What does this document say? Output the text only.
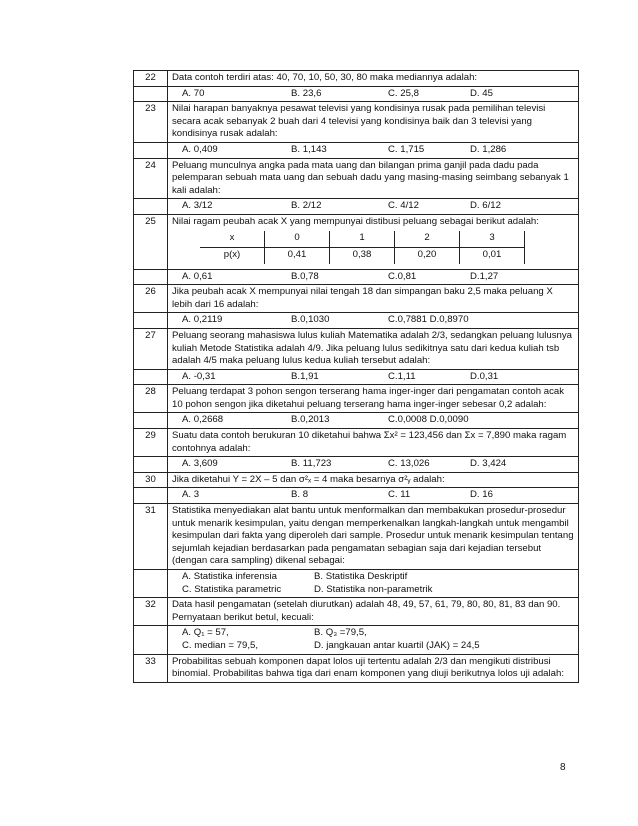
22	Data contoh terdiri atas: 40, 70, 10, 50, 30, 80 maka mediannya adalah:

A. 70	B. 23,6	C. 25,8	D. 45

23	Nilai harapan banyaknya pesawat televisi yang kondisinya rusak pada pemilihan televisi secara acak sebanyak 2 buah dari 4 televisi yang kondisinya baik dan 3 televisi yang kondisinya rusak adalah:

A. 0,409	B. 1,143	C. 1,715	D. 1,286

24	Peluang munculnya angka pada mata uang dan bilangan prima ganjil pada dadu pada pelemparan sebuah mata uang dan sebuah dadu yang masing-masing seimbang sebanyak 1 kali adalah:

A. 3/12	B. 2/12	C. 4/12	D. 6/12

25	Nilai ragam peubah acak X yang mempunyai distibusi peluang sebagai berikut adalah:
x	0	1	2	3
p(x)	0,41	0,38	0,20	0,01

A. 0,61	B.0,78	C.0,81	D.1,27

26	Jika peubah acak X mempunyai nilai tengah 18 dan simpangan baku 2,5 maka peluang X lebih dari 16 adalah:

A. 0,2119	B.0,1030	C.0,7881 D.0,8970

27	Peluang seorang mahasiswa lulus kuliah Matematika adalah 2/3, sedangkan peluang lulusnya kuliah Metode Statistika adalah 4/9. Jika peluang lulus sedikitnya satu dari kedua kuliah tsb adalah 4/5 maka peluang lulus kedua kuliah tersebut adalah:

A. -0,31	B.1,91	C.1,11	D.0,31

28	Peluang terdapat 3 pohon sengon terserang hama inger-inger dari pengamatan contoh acak 10 pohon sengon jika diketahui peluang terserang hama inger-inger sebesar 0,2 adalah:

A. 0,2668	B.0,2013	C.0,0008 D.0,0090

29	Suatu data contoh berukuran 10 diketahui bahwa Σx² = 123,456 dan Σx = 7,890 maka ragam contohnya adalah:

A. 3,609	B. 11,723	C. 13,026	D. 3,424

30	Jika diketahui Y = 2X – 5 dan σ²ₓ = 4 maka besarnya σ²ᵧ adalah:

A. 3	B. 8	C. 11	D. 16

31	Statistika menyediakan alat bantu untuk menformalkan dan membakukan prosedur-prosedur untuk menarik kesimpulan, yaitu dengan memperkenalkan langkah-langkah untuk mengambil kesimpulan dari fakta yang diperoleh dari sample. Prosedur untuk menarik kesimpulan tentang sejumlah kejadian berdasarkan pada pengamatan sebagian saja dari kejadian tersebut (dengan cara sampling) dikenal sebagai:

A. Statistika inferensia	B. Statistika Deskriptif
C. Statistika parametric	D. Statistika non-parametrik

32	Data hasil pengamatan (setelah diurutkan) adalah 48, 49, 57, 61, 79, 80, 80, 81, 83 dan 90. Pernyataan berikut betul, kecuali:

A. Q₁ = 57,	B. Q₃ =79,5,
C. median = 79,5,	D. jangkauan antar kuartil (JAK) = 24,5

33	Probabilitas sebuah komponen dapat lolos uji tertentu adalah 2/3 dan mengikuti distribusi binomial. Probabilitas bahwa tiga dari enam komponen yang diuji berikutnya lolos uji adalah:
8
